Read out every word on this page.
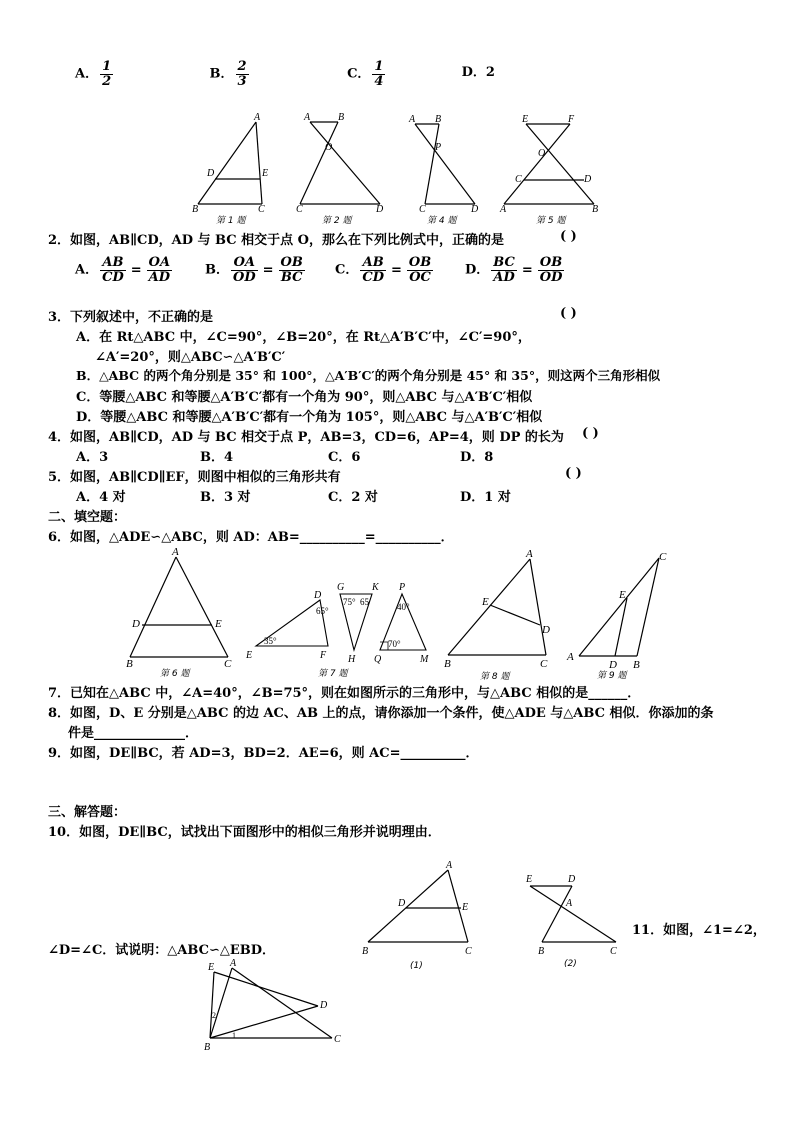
A． $\frac{1}{2}$	B． $\frac{2}{3}$	C． $\frac{1}{4}$	D．2
A
D	E
B	C
第 1 题
A	B
O
C	D
第 2 题
A B
P
C	D
第 4 题
E	F
O
C	D
A	B
第 5 题
2．如图，AB∥CD，AD 与 BC 相交于点 O，那么在下列比例式中，正确的是	( )
A． $\frac{AB}{CD} = \frac{OA}{AD}$	B． $\frac{OA}{OD} = \frac{OB}{BC}$ C． $\frac{AB}{CD} = \frac{OB}{OC}$ D． $\frac{BC}{AD} = \frac{OB}{OD}$
3．下列叙述中，不正确的是	( )
A．在 Rt△ABC 中，∠C=90°，∠B=20°，在 Rt△A′B′C′中，∠C′=90°，
∠A′=20°，则△ABC∽△A′B′C′
B．△ABC 的两个角分别是 35° 和 100°，△A′B′C′的两个角分别是 45° 和 35°，则这两个三角形相似
C．等腰△ABC 和等腰△A′B′C′都有一个角为 90°，则△ABC 与△A′B′C′相似
D．等腰△ABC 和等腰△A′B′C′都有一个角为 105°，则△ABC 与△A′B′C′相似
4．如图，AB∥CD，AD 与 BC 相交于点 P，AB=3，CD=6，AP=4，则 DP 的长为 ( )
A．3	B．4	C．6	D．8
5．如图，AB∥CD∥EF，则图中相似的三角形共有	( )
A．4 对	B．3 对	C．2 对	D．1 对
二、填空题：
6．如图，△ADE∽△ABC，则 AD：AB=__________=__________．
A
D	E
B	C
第 6 题
65°
35°
75° 65	40°
70°
D
E	F
G	K
H
P
Q	M
第 7 题
A
E
D
B	C
第 8 题
C
E
A
D B
第 9 题
7．已知在△ABC 中，∠A=40°，∠B=75°，则在如图所示的三角形中，与△ABC 相似的是______．
8．如图，D、E 分别是△ABC 的边 AC、AB 上的点，请你添加一个条件，使△ADE 与△ABC 相似．你添加的条
件是______________．
9．如图，DE∥BC，若 AD=3，BD=2．AE=6，则 AC=__________．
三、解答题：
10．如图，DE∥BC，试找出下面图形中的相似三角形并说明理由．
A
D	E
B	C
(1)
E	D
A
B	C
(2)
11．如图，∠1=∠2，
∠D=∠C．试说明：△ABC∽△EBD．
E A
D
C
B
2
1
